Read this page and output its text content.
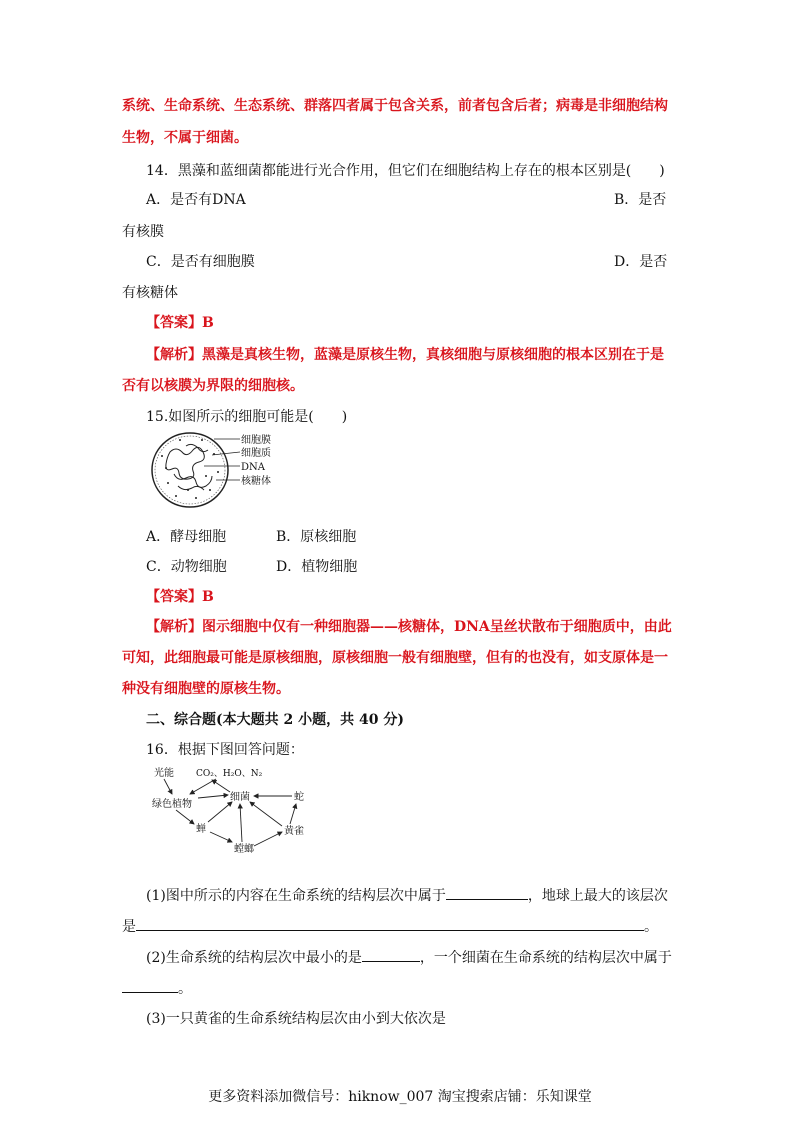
系统、生命系统、生态系统、群落四者属于包含关系，前者包含后者；病毒是非细胞结构
生物，不属于细菌。
14．黑藻和蓝细菌都能进行光合作用，但它们在细胞结构上存在的根本区别是(　　)
A．是否有DNA	B．是否
有核膜
C．是否有细胞膜	D．是否
有核糖体
【答案】B
【解析】黑藻是真核生物，蓝藻是原核生物，真核细胞与原核细胞的根本区别在于是
否有以核膜为界限的细胞核。
15.如图所示的细胞可能是(　　)
细胞膜
细胞质
DNA
核糖体
A．酵母细胞	B．原核细胞
C．动物细胞	D．植物细胞
【答案】B
【解析】图示细胞中仅有一种细胞器——核糖体，DNA呈丝状散布于细胞质中，由此
可知，此细胞最可能是原核细胞，原核细胞一般有细胞壁，但有的也没有，如支原体是一
种没有细胞壁的原核生物。
二、综合题(本大题共 2 小题，共 40 分)
16．根据下图回答问题：
光能 CO₂、H₂O、N₂
绿色植物
细菌	蛇
蝉
螳螂
黄雀
(1)图中所示的内容在生命系统的结构层次中属于	，地球上最大的该层次
是	。
(2)生命系统的结构层次中最小的是	，一个细菌在生命系统的结构层次中属于
。
(3)一只黄雀的生命系统结构层次由小到大依次是
更多资料添加微信号：hiknow_007 淘宝搜索店铺：乐知课堂
